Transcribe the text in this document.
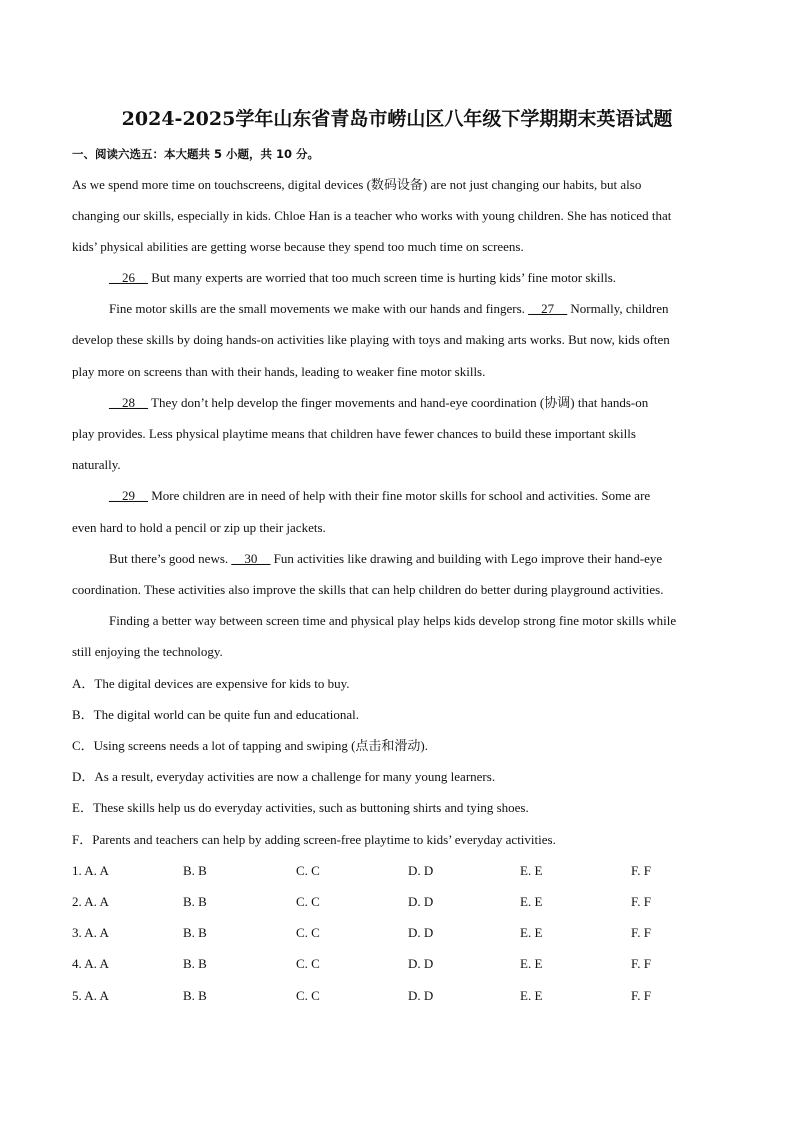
2024-2025学年山东省青岛市崂山区八年级下学期期末英语试题
一、阅读六选五：本大题共 5 小题，共 10 分。
As we spend more time on touchscreens, digital devices (数码设备) are not just changing our habits, but also
changing our skills, especially in kids. Chloe Han is a teacher who works with young children. She has noticed that
kids’ physical abilities are getting worse because they spend too much time on screens.
__26__ But many experts are worried that too much screen time is hurting kids’ fine motor skills.
Fine motor skills are the small movements we make with our hands and fingers. __27__ Normally, children
develop these skills by doing hands-on activities like playing with toys and making arts works. But now, kids often
play more on screens than with their hands, leading to weaker fine motor skills.
__28__ They don’t help develop the finger movements and hand-eye coordination (协调) that hands-on
play provides. Less physical playtime means that children have fewer chances to build these important skills
naturally.
__29__ More children are in need of help with their fine motor skills for school and activities. Some are
even hard to hold a pencil or zip up their jackets.
But there’s good news. __30__ Fun activities like drawing and building with Lego improve their hand-eye
coordination. These activities also improve the skills that can help children do better during playground activities.
Finding a better way between screen time and physical play helps kids develop strong fine motor skills while
still enjoying the technology.
A．The digital devices are expensive for kids to buy.
B．The digital world can be quite fun and educational.
C．Using screens needs a lot of tapping and swiping (点击和滑动).
D．As a result, everyday activities are now a challenge for many young learners.
E．These skills help us do everyday activities, such as buttoning shirts and tying shoes.
F．Parents and teachers can help by adding screen-free playtime to kids’ everyday activities.
1. A. A	B. B	C. C	D. D	E. E	F. F
2. A. A	B. B	C. C	D. D	E. E	F. F
3. A. A	B. B	C. C	D. D	E. E	F. F
4. A. A	B. B	C. C	D. D	E. E	F. F
5. A. A	B. B	C. C	D. D	E. E	F. F
